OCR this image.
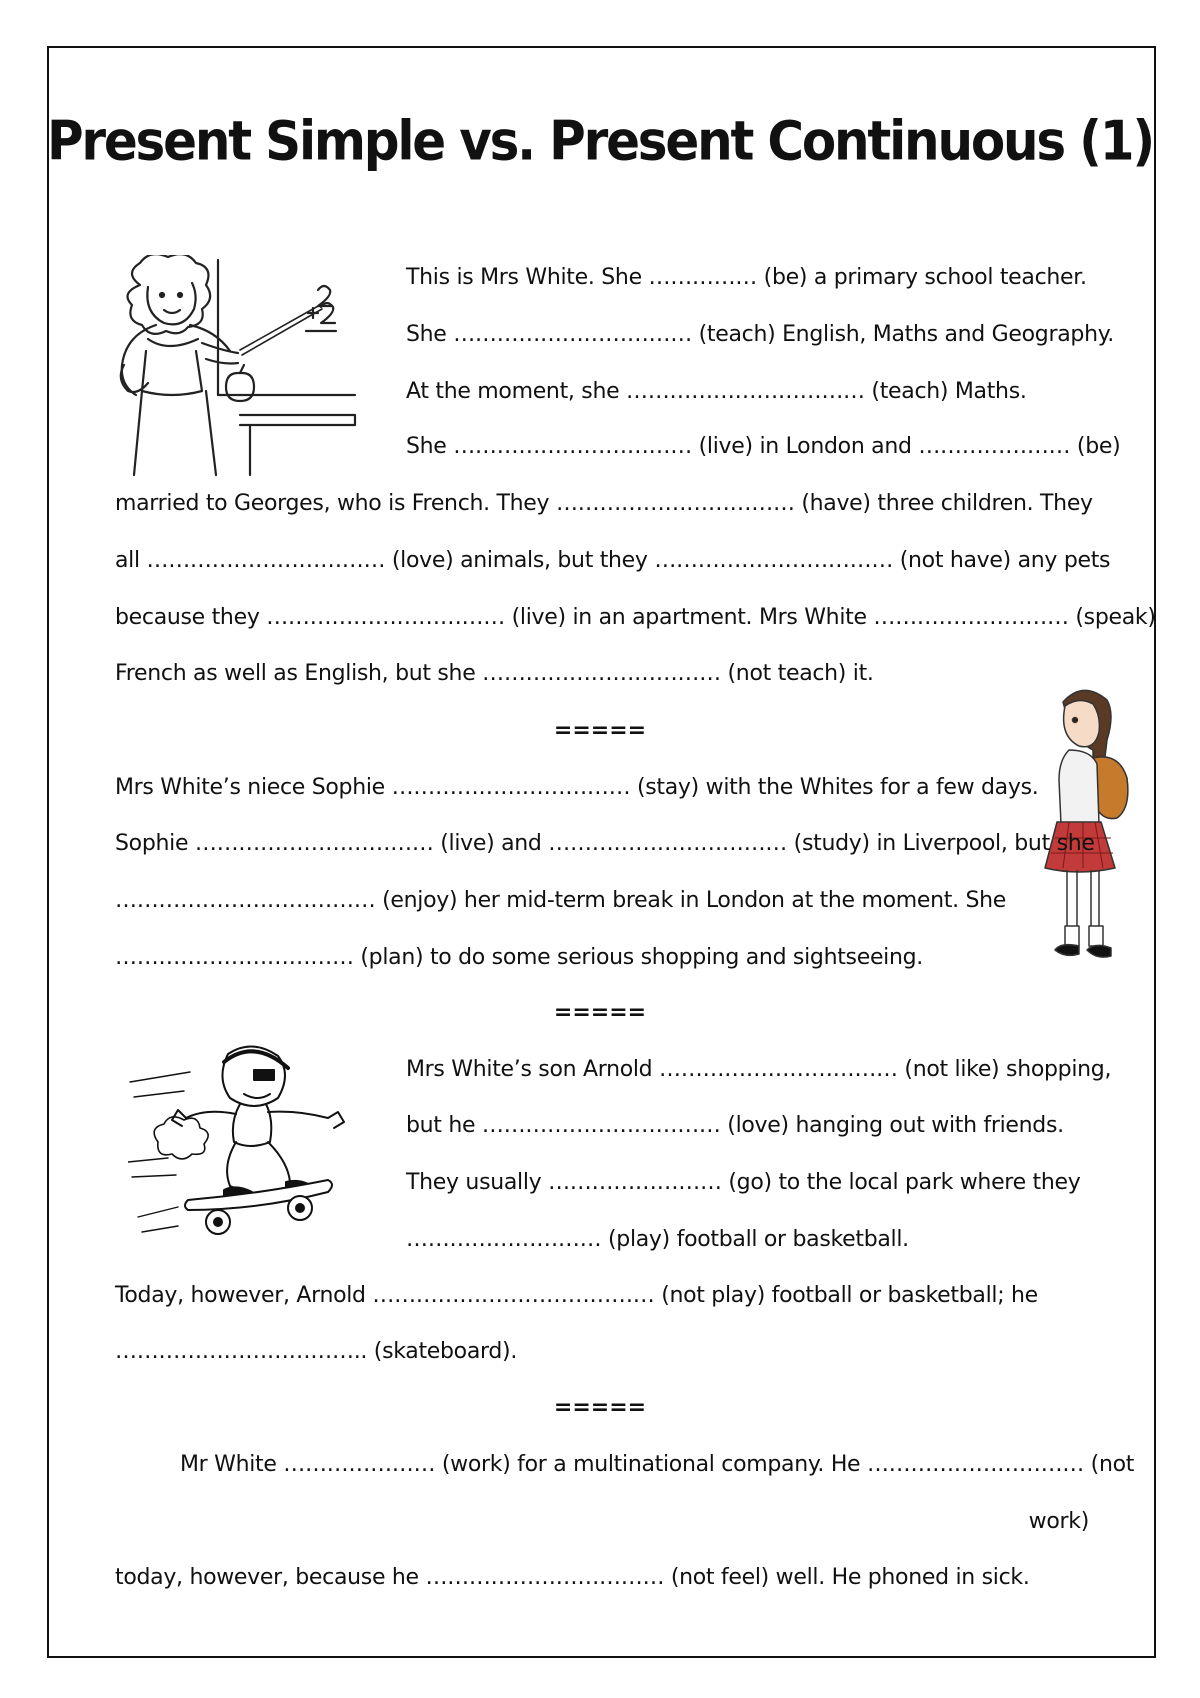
Present Simple vs. Present Continuous (1)
This is Mrs White. She …………… (be) a primary school teacher.
She …………………………… (teach) English, Maths and Geography.
At the moment, she …………………………… (teach) Maths.
She …………………………… (live) in London and ………………… (be)
married to Georges, who is French. They …………………………… (have) three children. They
all …………………………… (love) animals, but they …………………………… (not have) any pets
because they …………………………… (live) in an apartment. Mrs White ……………………… (speak)
French as well as English, but she …………………………… (not teach) it.
=====
Mrs White’s niece Sophie …………………………… (stay) with the Whites for a few days.
Sophie …………………………… (live) and …………………………… (study) in Liverpool, but she
……………………………… (enjoy) her mid-term break in London at the moment. She
…………………………… (plan) to do some serious shopping and sightseeing.
=====
Mrs White’s son Arnold …………………………… (not like) shopping,
but he …………………………… (love) hanging out with friends.
They usually …………………… (go) to the local park where they
……………………… (play) football or basketball.
Today, however, Arnold ………………………………… (not play) football or basketball; he
…………………………….. (skateboard).
=====
Mr White ………………… (work) for a multinational company. He ………………………… (not
work)
today, however, because he …………………………… (not feel) well. He phoned in sick.
